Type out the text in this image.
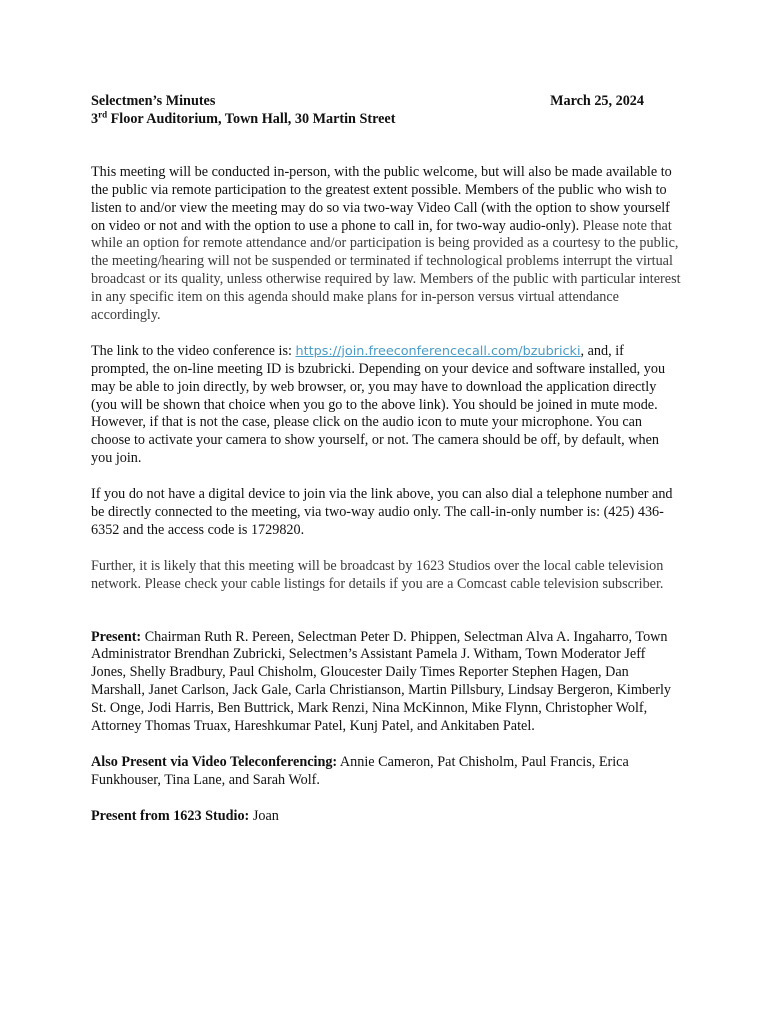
Selectmen’s Minutes	March 25, 2024
3rd Floor Auditorium, Town Hall, 30 Martin Street

This meeting will be conducted in-person, with the public welcome, but will also be made available to the public via remote participation to the greatest extent possible. Members of the public who wish to listen to and/or view the meeting may do so via two-way Video Call (with the option to show yourself on video or not and with the option to use a phone to call in, for two-way audio-only). Please note that while an option for remote attendance and/or participation is being provided as a courtesy to the public, the meeting/hearing will not be suspended or terminated if technological problems interrupt the virtual broadcast or its quality, unless otherwise required by law. Members of the public with particular interest in any specific item on this agenda should make plans for in-person versus virtual attendance accordingly.

The link to the video conference is: https://join.freeconferencecall.com/bzubricki, and, if prompted, the on-line meeting ID is bzubricki. Depending on your device and software installed, you may be able to join directly, by web browser, or, you may have to download the application directly (you will be shown that choice when you go to the above link). You should be joined in mute mode. However, if that is not the case, please click on the audio icon to mute your microphone. You can choose to activate your camera to show yourself, or not. The camera should be off, by default, when you join.

If you do not have a digital device to join via the link above, you can also dial a telephone number and be directly connected to the meeting, via two-way audio only. The call-in-only number is: (425) 436-6352 and the access code is 1729820.

Further, it is likely that this meeting will be broadcast by 1623 Studios over the local cable television network. Please check your cable listings for details if you are a Comcast cable television subscriber.

Present: Chairman Ruth R. Pereen, Selectman Peter D. Phippen, Selectman Alva A. Ingaharro, Town Administrator Brendhan Zubricki, Selectmen’s Assistant Pamela J. Witham, Town Moderator Jeff Jones, Shelly Bradbury, Paul Chisholm, Gloucester Daily Times Reporter Stephen Hagen, Dan Marshall, Janet Carlson, Jack Gale, Carla Christianson, Martin Pillsbury, Lindsay Bergeron, Kimberly St. Onge, Jodi Harris, Ben Buttrick, Mark Renzi, Nina McKinnon, Mike Flynn, Christopher Wolf, Attorney Thomas Truax, Hareshkumar Patel, Kunj Patel, and Ankitaben Patel.

Also Present via Video Teleconferencing: Annie Cameron, Pat Chisholm, Paul Francis, Erica Funkhouser, Tina Lane, and Sarah Wolf.

Present from 1623 Studio: Joan
